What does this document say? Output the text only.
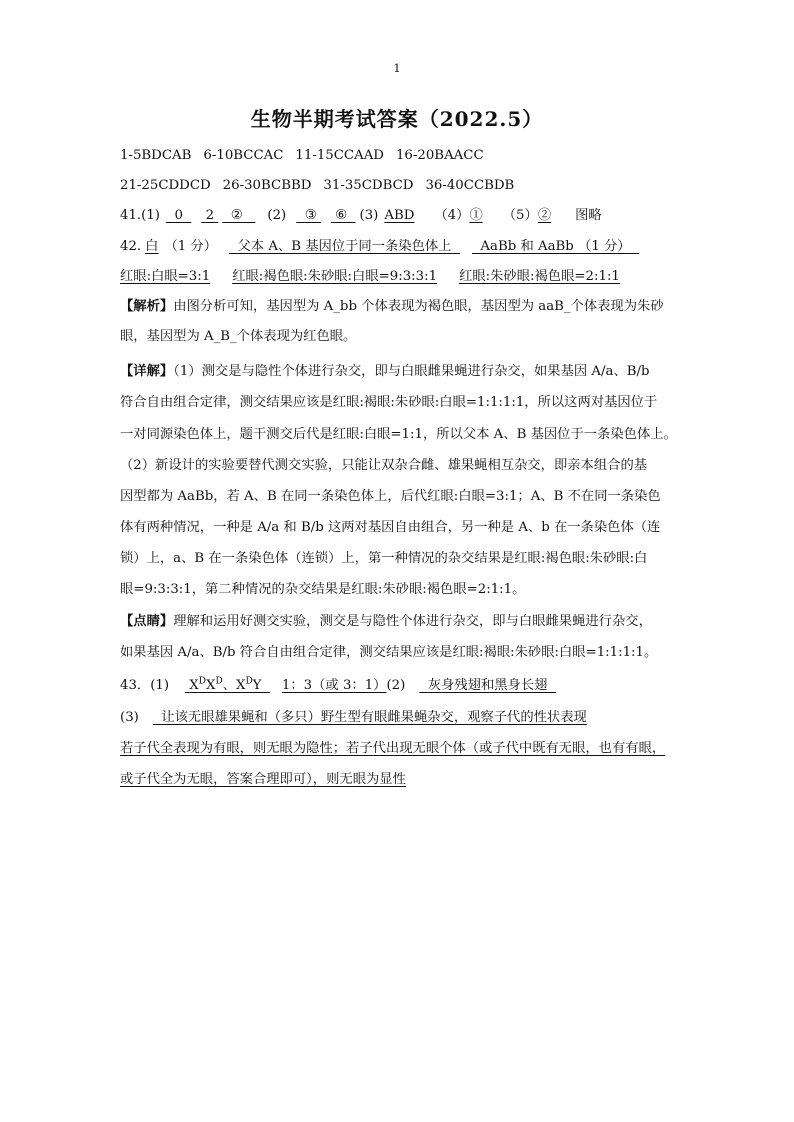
1
生物半期考试答案（2022.5）
1-5BDCAB 6-10BCCAC 11-15CCAAD 16-20BAACC
21-25CDDCD 26-30BCBBD 31-35CDBCD 36-40CCBDB
41.(1) 0 2 ② (2) ③ ⑥ (3) ABD （4）① （5）② 图略
42. 白 （1 分） 父本 A、B 基因位于同一条染色体上 AaBb 和 AaBb （1 分）
红眼:白眼=3:1 红眼:褐色眼:朱砂眼:白眼=9:3:3:1 红眼:朱砂眼:褐色眼=2:1:1
【解析】由图分析可知，基因型为 A_bb 个体表现为褐色眼，基因型为 aaB_个体表现为朱砂
眼，基因型为 A_B_个体表现为红色眼。
【详解】（1）测交是与隐性个体进行杂交，即与白眼雌果蝇进行杂交，如果基因 A/a、B/b
符合自由组合定律，测交结果应该是红眼:褐眼:朱砂眼:白眼=1:1:1:1，所以这两对基因位于
一对同源染色体上，题干测交后代是红眼:白眼=1:1，所以父本 A、B 基因位于一条染色体上。
（2）新设计的实验要替代测交实验，只能让双杂合雌、雄果蝇相互杂交，即亲本组合的基
因型都为 AaBb，若 A、B 在同一条染色体上，后代红眼:白眼=3:1；A、B 不在同一条染色
体有两种情况，一种是 A/a 和 B/b 这两对基因自由组合，另一种是 A、b 在一条染色体（连
锁）上，a、B 在一条染色体（连锁）上，第一种情况的杂交结果是红眼:褐色眼:朱砂眼:白
眼=9:3:3:1，第二种情况的杂交结果是红眼:朱砂眼:褐色眼=2:1:1。
【点睛】理解和运用好测交实验，测交是与隐性个体进行杂交，即与白眼雌果蝇进行杂交，
如果基因 A/a、B/b 符合自由组合定律，测交结果应该是红眼:褐眼:朱砂眼:白眼=1:1:1:1。
43．(1) $X^DX^D$、$X^DY$ 1：3（或 3：1）(2) 灰身残翅和黑身长翅
(3) 让该无眼雄果蝇和（多只）野生型有眼雌果蝇杂交，观察子代的性状表现
若子代全表现为有眼，则无眼为隐性；若子代出现无眼个体（或子代中既有无眼，也有有眼，
或子代全为无眼，答案合理即可），则无眼为显性
